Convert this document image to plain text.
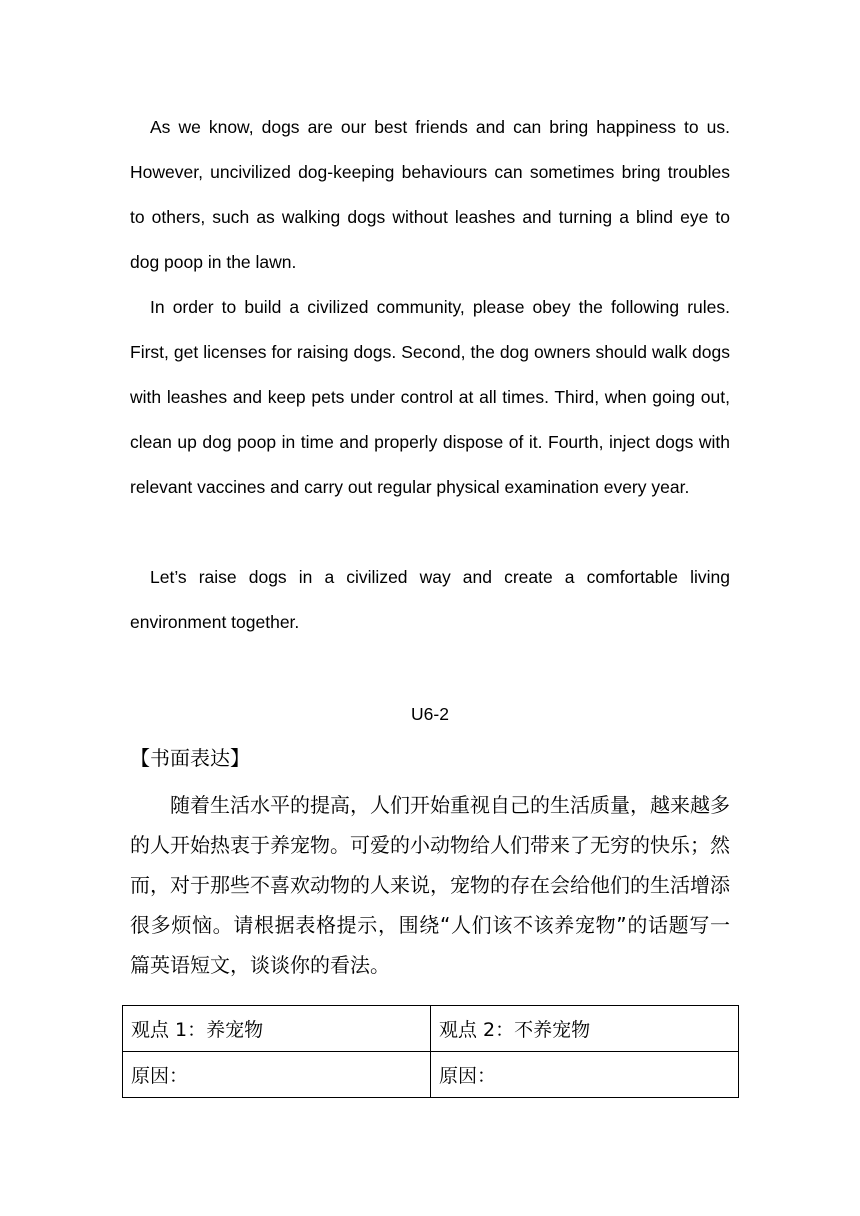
As we know, dogs are our best friends and can bring happiness to us. However, uncivilized dog-keeping behaviours can sometimes bring troubles to others, such as walking dogs without leashes and turning a blind eye to dog poop in the lawn.

In order to build a civilized community, please obey the following rules. First, get licenses for raising dogs. Second, the dog owners should walk dogs with leashes and keep pets under control at all times. Third, when going out, clean up dog poop in time and properly dispose of it. Fourth, inject dogs with relevant vaccines and carry out regular physical examination every year.

Let’s raise dogs in a civilized way and create a comfortable living environment together.

U6-2
【书面表达】

随着生活水平的提高，人们开始重视自己的生活质量，越来越多的人开始热衷于养宠物。可爱的小动物给人们带来了无穷的快乐；然而，对于那些不喜欢动物的人来说，宠物的存在会给他们的生活增添很多烦恼。请根据表格提示，围绕“人们该不该养宠物”的话题写一篇英语短文，谈谈你的看法。

观点 1：养宠物	观点 2：不养宠物
原因：	原因：
